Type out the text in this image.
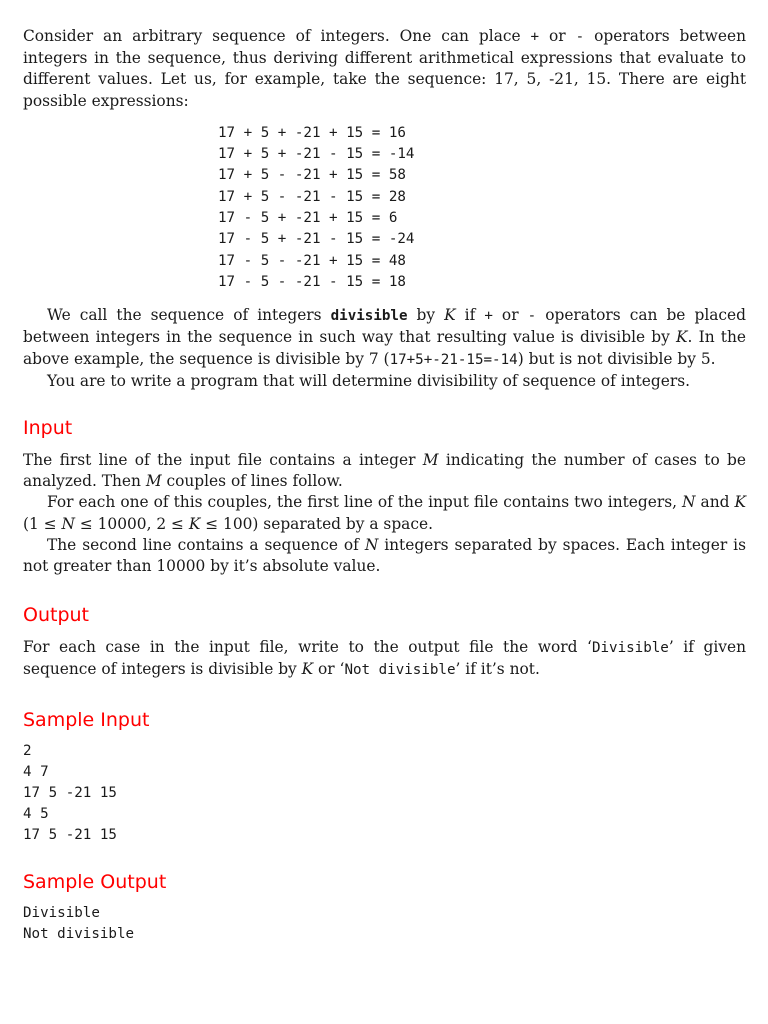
Consider an arbitrary sequence of integers. One can place + or - operators between integers in the sequence, thus deriving different arithmetical expressions that evaluate to different values. Let us, for example, take the sequence: 17, 5, -21, 15. There are eight possible expressions:

17 + 5 + -21 + 15 = 16
17 + 5 + -21 - 15 = -14
17 + 5 - -21 + 15 = 58
17 + 5 - -21 - 15 = 28
17 - 5 + -21 + 15 = 6
17 - 5 + -21 - 15 = -24
17 - 5 - -21 + 15 = 48
17 - 5 - -21 - 15 = 18

We call the sequence of integers divisible by K if + or - operators can be placed between integers in the sequence in such way that resulting value is divisible by K. In the above example, the sequence is divisible by 7 (17+5+-21-15=-14) but is not divisible by 5.

You are to write a program that will determine divisibility of sequence of integers.

Input

The first line of the input file contains a integer M indicating the number of cases to be analyzed. Then M couples of lines follow.

For each one of this couples, the first line of the input file contains two integers, N and K (1 ≤ N ≤ 10000, 2 ≤ K ≤ 100) separated by a space.

The second line contains a sequence of N integers separated by spaces. Each integer is not greater than 10000 by it’s absolute value.

Output

For each case in the input file, write to the output file the word ‘Divisible’ if given sequence of integers is divisible by K or ‘Not divisible’ if it’s not.

Sample Input
2
4 7
17 5 -21 15
4 5
17 5 -21 15
Sample Output
Divisible
Not divisible
